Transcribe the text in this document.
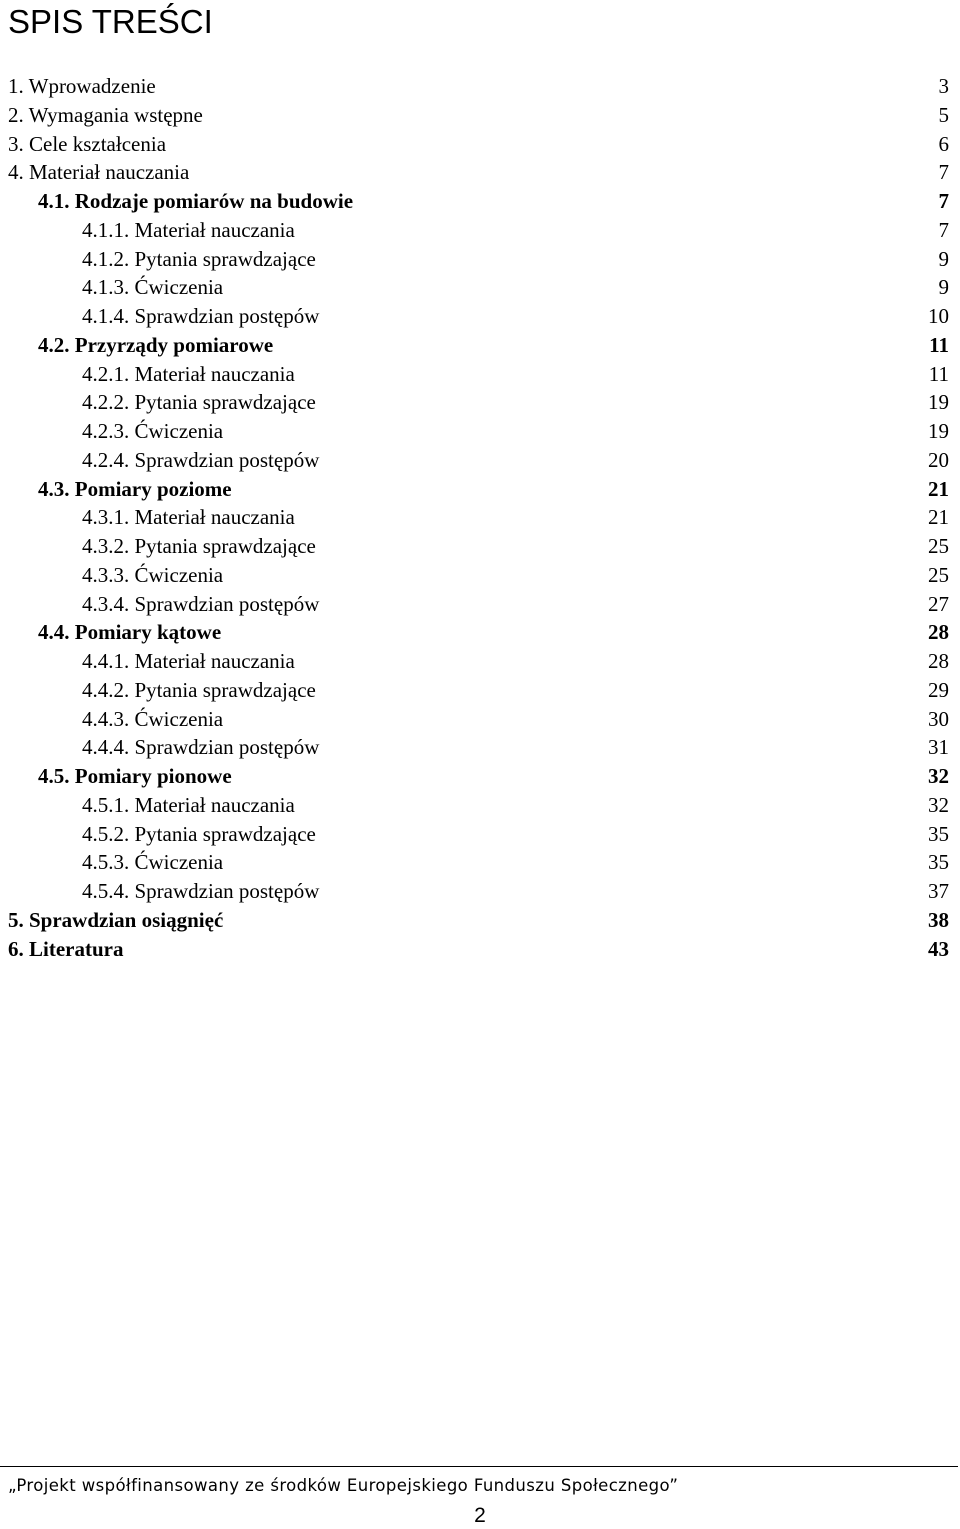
SPIS TREŚCI
1. Wprowadzenie	3
2. Wymagania wstępne	5
3. Cele kształcenia	6
4. Materiał nauczania	7
4.1. Rodzaje pomiarów na budowie	7
4.1.1. Materiał nauczania	7
4.1.2. Pytania sprawdzające	9
4.1.3. Ćwiczenia	9
4.1.4. Sprawdzian postępów	10
4.2. Przyrządy pomiarowe	11
4.2.1. Materiał nauczania	11
4.2.2. Pytania sprawdzające	19
4.2.3. Ćwiczenia	19
4.2.4. Sprawdzian postępów	20
4.3. Pomiary poziome	21
4.3.1. Materiał nauczania	21
4.3.2. Pytania sprawdzające	25
4.3.3. Ćwiczenia	25
4.3.4. Sprawdzian postępów	27
4.4. Pomiary kątowe	28
4.4.1. Materiał nauczania	28
4.4.2. Pytania sprawdzające	29
4.4.3. Ćwiczenia	30
4.4.4. Sprawdzian postępów	31
4.5. Pomiary pionowe	32
4.5.1. Materiał nauczania	32
4.5.2. Pytania sprawdzające	35
4.5.3. Ćwiczenia	35
4.5.4. Sprawdzian postępów	37
5. Sprawdzian osiągnięć	38
6. Literatura	43
„Projekt współfinansowany ze środków Europejskiego Funduszu Społecznego”
2
